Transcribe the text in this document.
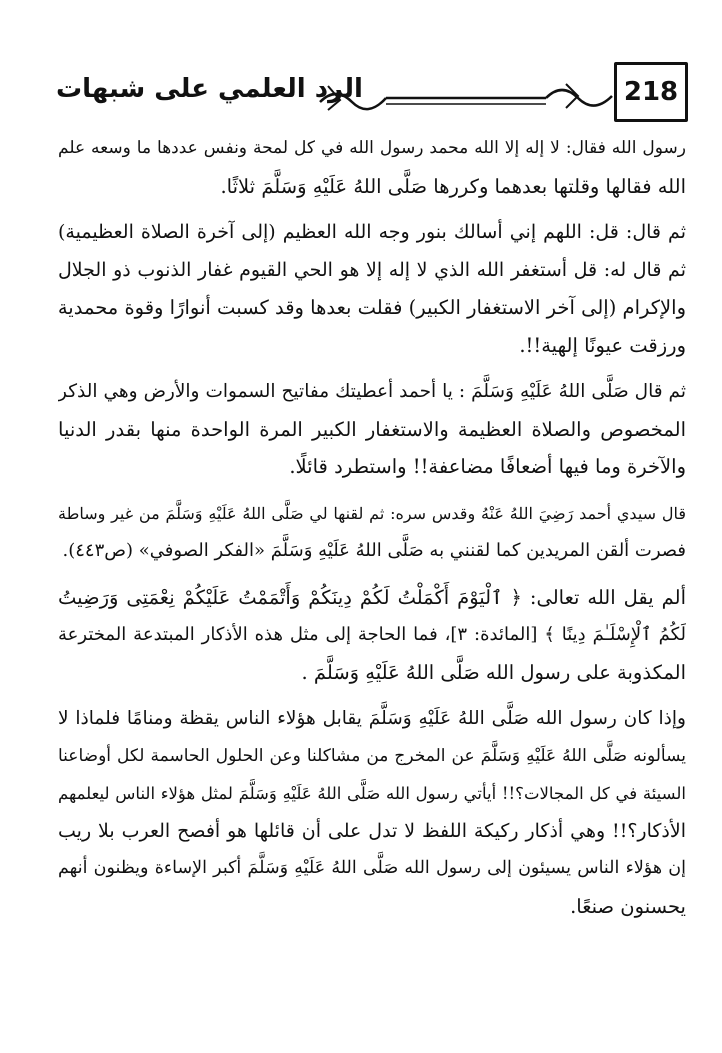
218
الرد العلمي على شبهات
رسول الله فقال: لا إله إلا الله محمد رسول الله في كل لمحة ونفس عددها ما وسعه علم
الله فقالها وقلتها بعدهما وكررها صَلَّى اللهُ عَلَيْهِ وَسَلَّمَ ثلاثًا.
ثم قال: قل: اللهم إني أسالك بنور وجه الله العظيم (إلى آخرة الصلاة العظيمية)
ثم قال له: قل أستغفر الله الذي لا إله إلا هو الحي القيوم غفار الذنوب ذو الجلال
والإكرام (إلى آخر الاستغفار الكبير) فقلت بعدها وقد كسبت أنوارًا وقوة محمدية
ورزقت عيونًا إلهية!!.
ثم قال صَلَّى اللهُ عَلَيْهِ وَسَلَّمَ : يا أحمد أعطيتك مفاتيح السموات والأرض وهي الذكر
المخصوص والصلاة العظيمة والاستغفار الكبير المرة الواحدة منها بقدر الدنيا
والآخرة وما فيها أضعافًا مضاعفة!! واستطرد قائلًا.
قال سيدي أحمد رَضِيَ اللهُ عَنْهُ وقدس سره: ثم لقنها لي صَلَّى اللهُ عَلَيْهِ وَسَلَّمَ من غير وساطة
فصرت ألقن المريدين كما لقنني به صَلَّى اللهُ عَلَيْهِ وَسَلَّمَ «الفكر الصوفي» (ص٤٤٣).
ألم يقل الله تعالى: ﴿ ٱلْيَوْمَ أَكْمَلْتُ لَكُمْ دِينَكُمْ وَأَتْمَمْتُ عَلَيْكُمْ نِعْمَتِى وَرَضِيتُ
لَكُمُ ٱلْإِسْلَـٰمَ دِينًا ﴾ [المائدة: ٣]، فما الحاجة إلى مثل هذه الأذكار المبتدعة المخترعة
المكذوبة على رسول الله صَلَّى اللهُ عَلَيْهِ وَسَلَّمَ .
وإذا كان رسول الله صَلَّى اللهُ عَلَيْهِ وَسَلَّمَ يقابل هؤلاء الناس يقظة ومنامًا فلماذا لا
يسألونه صَلَّى اللهُ عَلَيْهِ وَسَلَّمَ عن المخرج من مشاكلنا وعن الحلول الحاسمة لكل أوضاعنا
السيئة في كل المجالات؟!! أيأتي رسول الله صَلَّى اللهُ عَلَيْهِ وَسَلَّمَ لمثل هؤلاء الناس ليعلمهم
الأذكار؟!! وهي أذكار ركيكة اللفظ لا تدل على أن قائلها هو أفصح العرب بلا ريب
إن هؤلاء الناس يسيئون إلى رسول الله صَلَّى اللهُ عَلَيْهِ وَسَلَّمَ أكبر الإساءة ويظنون أنهم
يحسنون صنعًا.
